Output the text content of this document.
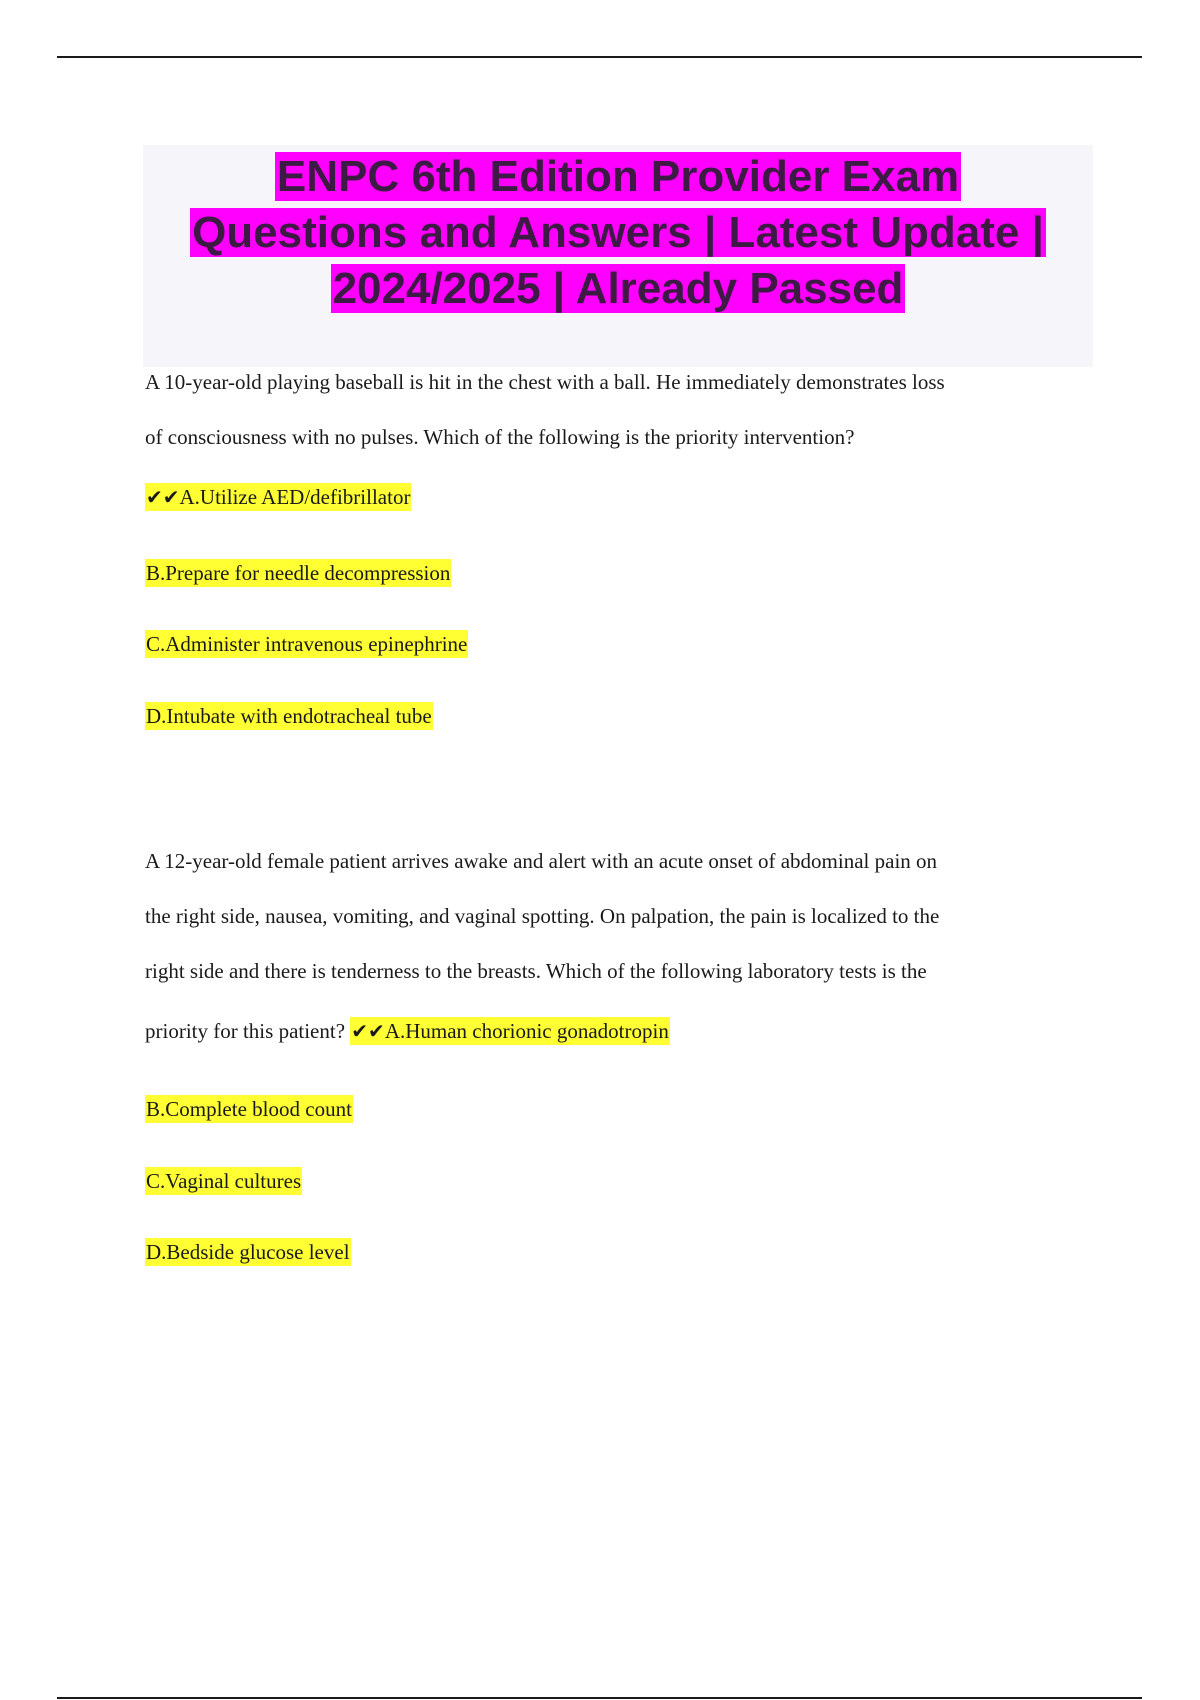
ENPC 6th Edition Provider Exam
Questions and Answers | Latest Update |
2024/2025 | Already Passed

A 10-year-old playing baseball is hit in the chest with a ball. He immediately demonstrates loss

of consciousness with no pulses. Which of the following is the priority intervention?

✔✔A.Utilize AED/defibrillator
B.Prepare for needle decompression
C.Administer intravenous epinephrine
D.Intubate with endotracheal tube

A 12-year-old female patient arrives awake and alert with an acute onset of abdominal pain on

the right side, nausea, vomiting, and vaginal spotting. On palpation, the pain is localized to the

right side and there is tenderness to the breasts. Which of the following laboratory tests is the

priority for this patient? ✔✔A.Human chorionic gonadotropin

B.Complete blood count
C.Vaginal cultures
D.Bedside glucose level
